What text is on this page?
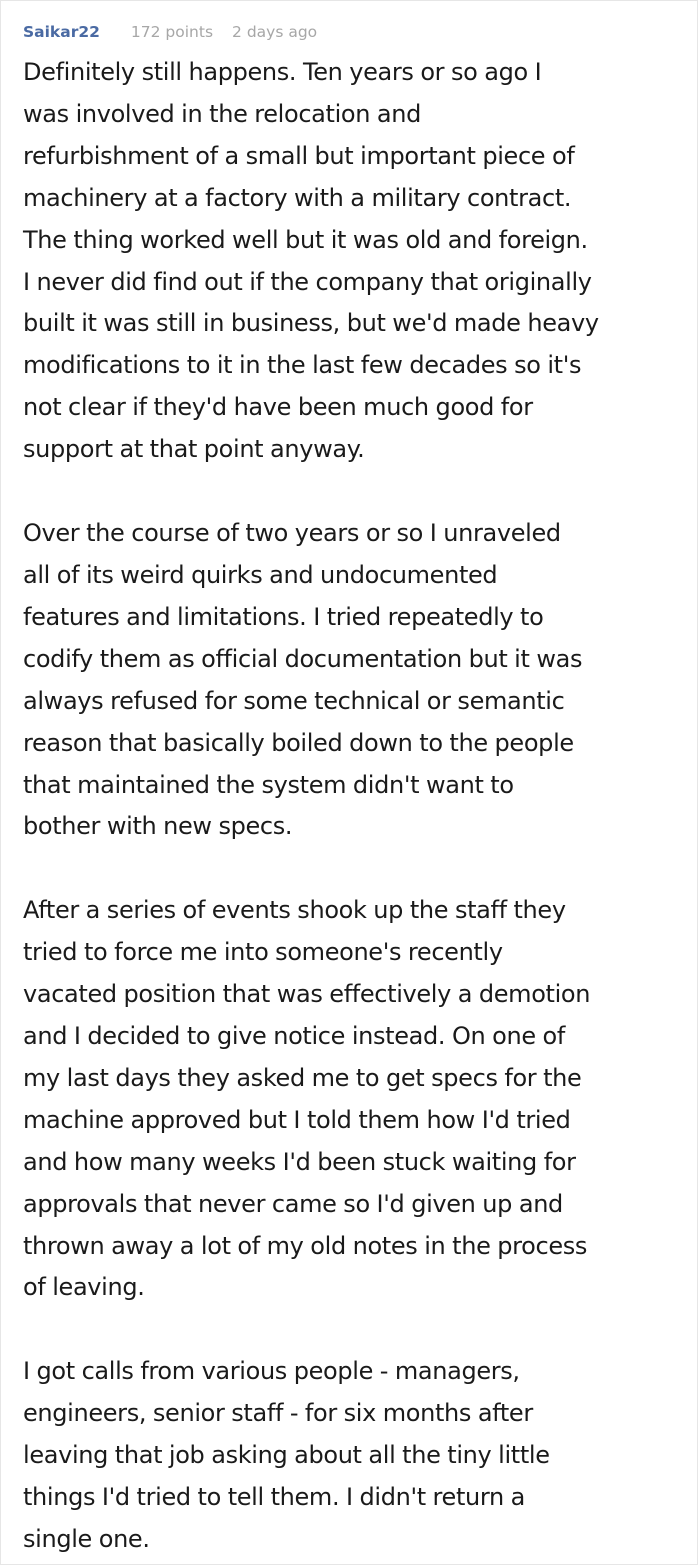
Saikar22 172 points 2 days ago

Definitely still happens. Ten years or so ago I
was involved in the relocation and
refurbishment of a small but important piece of
machinery at a factory with a military contract.
The thing worked well but it was old and foreign.
I never did find out if the company that originally
built it was still in business, but we'd made heavy
modifications to it in the last few decades so it's
not clear if they'd have been much good for
support at that point anyway.

Over the course of two years or so I unraveled
all of its weird quirks and undocumented
features and limitations. I tried repeatedly to
codify them as official documentation but it was
always refused for some technical or semantic
reason that basically boiled down to the people
that maintained the system didn't want to
bother with new specs.

After a series of events shook up the staff they
tried to force me into someone's recently
vacated position that was effectively a demotion
and I decided to give notice instead. On one of
my last days they asked me to get specs for the
machine approved but I told them how I'd tried
and how many weeks I'd been stuck waiting for
approvals that never came so I'd given up and
thrown away a lot of my old notes in the process
of leaving.

I got calls from various people - managers,
engineers, senior staff - for six months after
leaving that job asking about all the tiny little
things I'd tried to tell them. I didn't return a
single one.
